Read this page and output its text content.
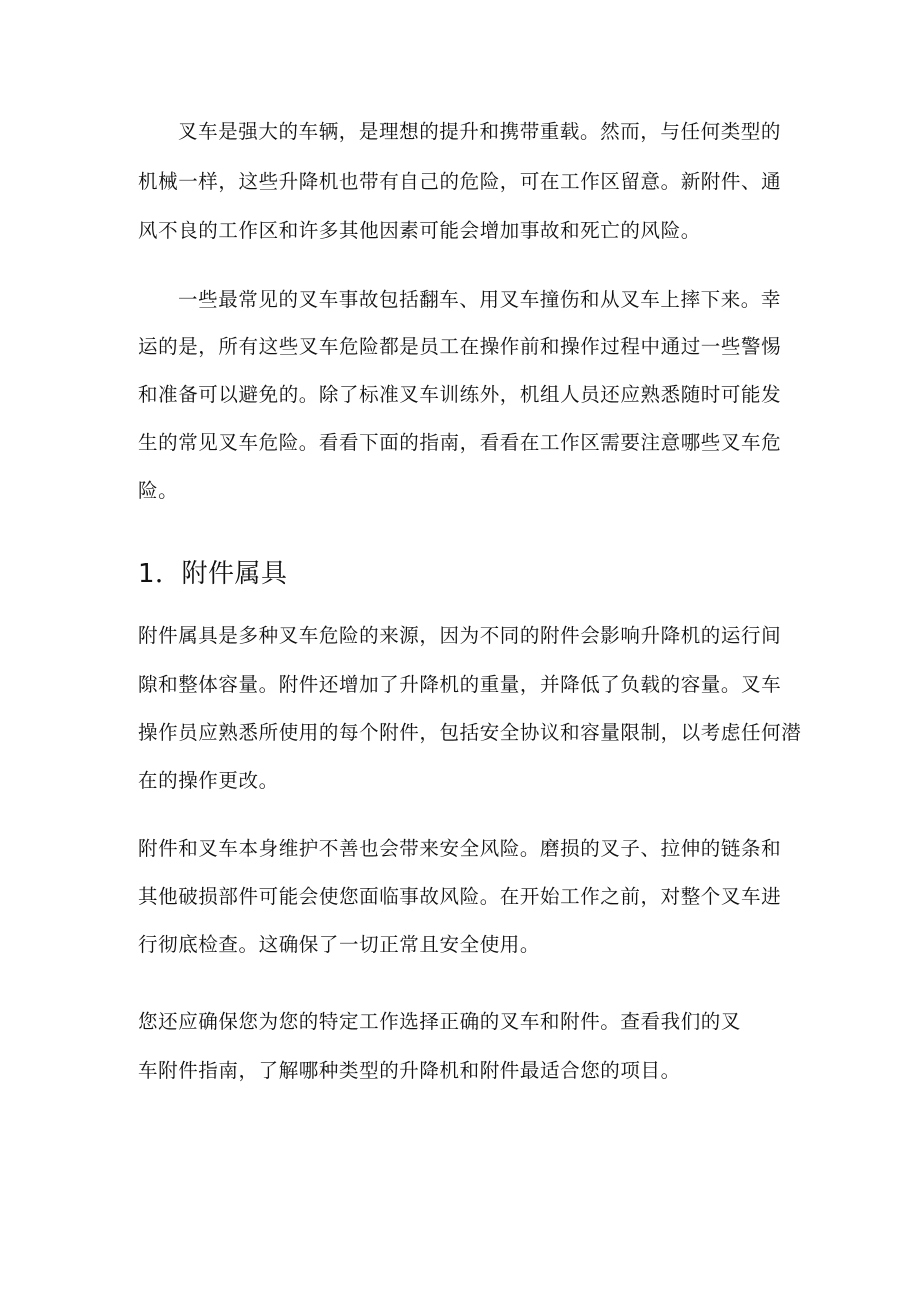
叉车是强大的车辆，是理想的提升和携带重载。然而，与任何类型的
机械一样，这些升降机也带有自己的危险，可在工作区留意。新附件、通
风不良的工作区和许多其他因素可能会增加事故和死亡的风险。
一些最常见的叉车事故包括翻车、用叉车撞伤和从叉车上摔下来。幸
运的是，所有这些叉车危险都是员工在操作前和操作过程中通过一些警惕
和准备可以避免的。除了标准叉车训练外，机组人员还应熟悉随时可能发
生的常见叉车危险。看看下面的指南，看看在工作区需要注意哪些叉车危
险。
1．附件属具
附件属具是多种叉车危险的来源，因为不同的附件会影响升降机的运行间
隙和整体容量。附件还增加了升降机的重量，并降低了负载的容量。叉车
操作员应熟悉所使用的每个附件，包括安全协议和容量限制，以考虑任何潜
在的操作更改。
附件和叉车本身维护不善也会带来安全风险。磨损的叉子、拉伸的链条和
其他破损部件可能会使您面临事故风险。在开始工作之前，对整个叉车进
行彻底检查。这确保了一切正常且安全使用。
您还应确保您为您的特定工作选择正确的叉车和附件。查看我们的叉
车附件指南，了解哪种类型的升降机和附件最适合您的项目。
